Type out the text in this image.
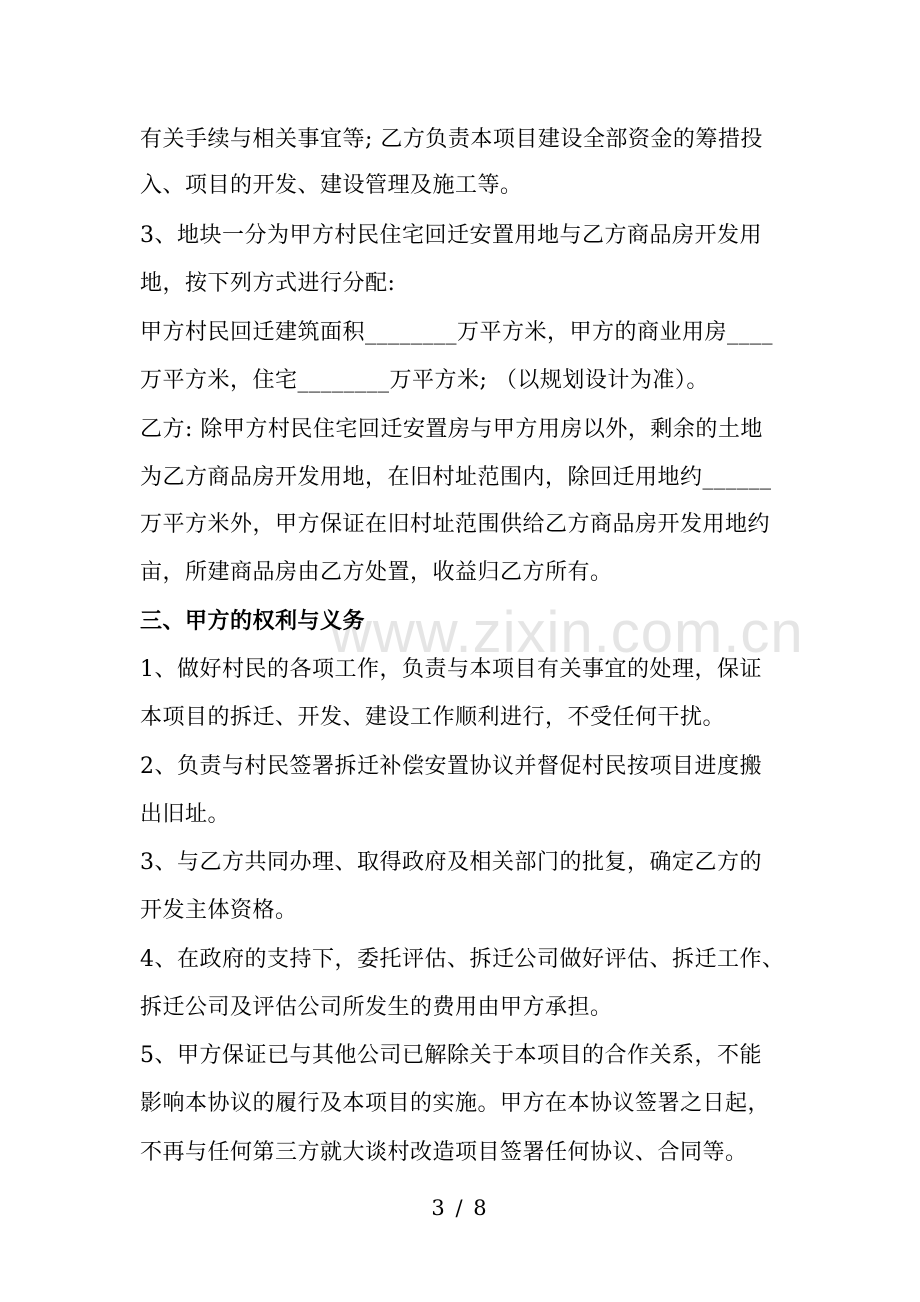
www.zixin.com.cn
有关手续与相关事宜等; 乙方负责本项目建设全部资金的筹措投
入、项目的开发、建设管理及施工等。
3、地块一分为甲方村民住宅回迁安置用地与乙方商品房开发用
地，按下列方式进行分配:
甲方村民回迁建筑面积________万平方米，甲方的商业用房____
万平方米，住宅________万平方米; （以规划设计为准）。
乙方: 除甲方村民住宅回迁安置房与甲方用房以外，剩余的土地
为乙方商品房开发用地，在旧村址范围内，除回迁用地约______
万平方米外，甲方保证在旧村址范围供给乙方商品房开发用地约
亩，所建商品房由乙方处置，收益归乙方所有。
三、甲方的权利与义务
1、做好村民的各项工作，负责与本项目有关事宜的处理，保证
本项目的拆迁、开发、建设工作顺利进行，不受任何干扰。
2、负责与村民签署拆迁补偿安置协议并督促村民按项目进度搬
出旧址。
3、与乙方共同办理、取得政府及相关部门的批复，确定乙方的
开发主体资格。
4、在政府的支持下，委托评估、拆迁公司做好评估、拆迁工作、
拆迁公司及评估公司所发生的费用由甲方承担。
5、甲方保证已与其他公司已解除关于本项目的合作关系，不能
影响本协议的履行及本项目的实施。甲方在本协议签署之日起，
不再与任何第三方就大谈村改造项目签署任何协议、合同等。
3 / 8
